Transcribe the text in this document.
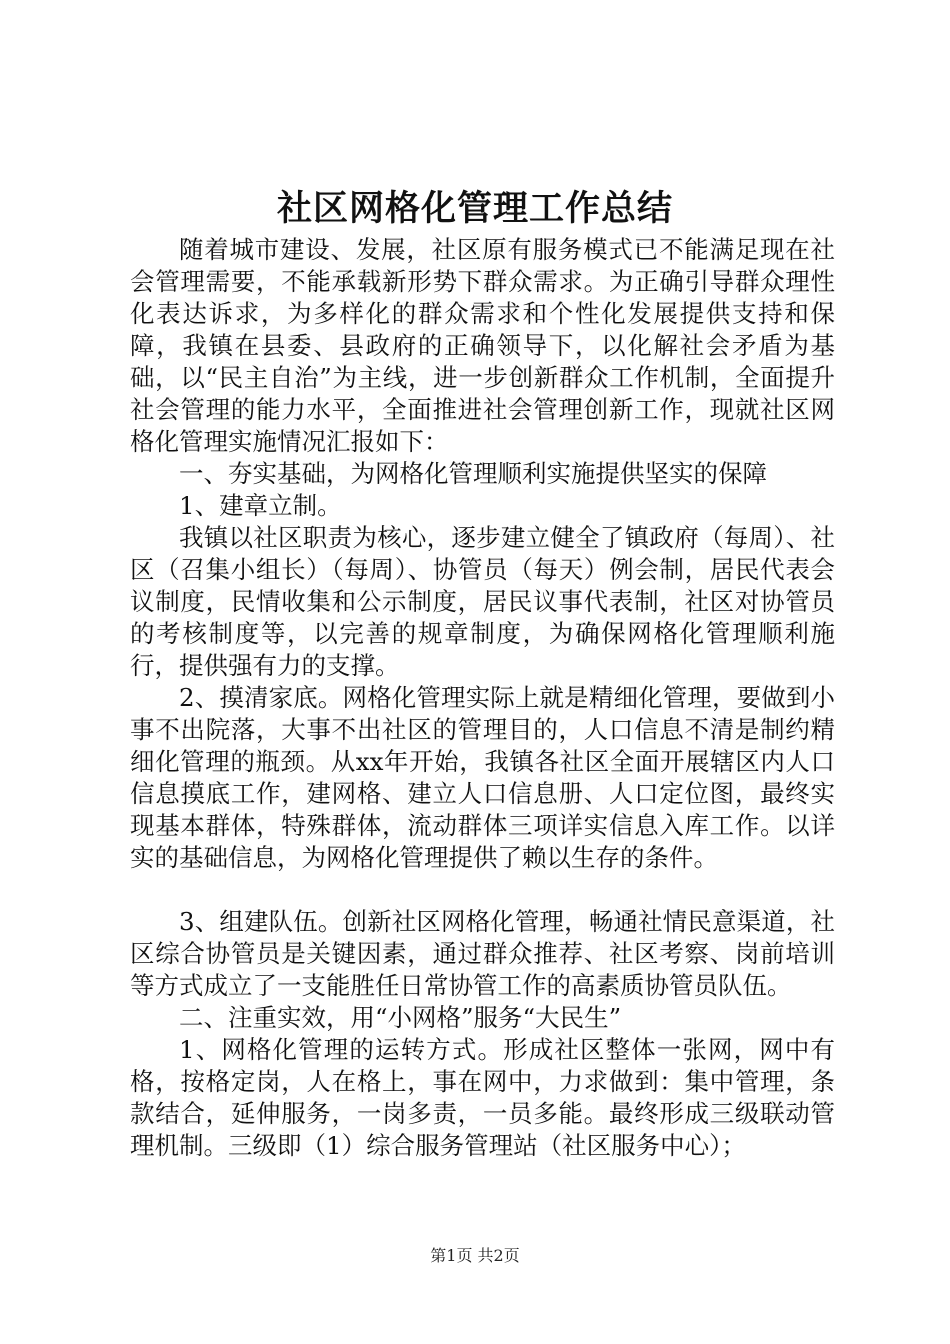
社区网格化管理工作总结

随着城市建设、发展，社区原有服务模式已不能满足现在社会管理需要，不能承载新形势下群众需求。为正确引导群众理性化表达诉求，为多样化的群众需求和个性化发展提供支持和保障，我镇在县委、县政府的正确领导下，以化解社会矛盾为基础，以“民主自治”为主线，进一步创新群众工作机制，全面提升社会管理的能力水平，全面推进社会管理创新工作，现就社区网格化管理实施情况汇报如下：

一、夯实基础，为网格化管理顺利实施提供坚实的保障

1、建章立制。

我镇以社区职责为核心，逐步建立健全了镇政府（每周）、社区（召集小组长）（每周）、协管员（每天）例会制，居民代表会议制度，民情收集和公示制度，居民议事代表制，社区对协管员的考核制度等，以完善的规章制度，为确保网格化管理顺利施行，提供强有力的支撑。

2、摸清家底。网格化管理实际上就是精细化管理，要做到小事不出院落，大事不出社区的管理目的，人口信息不清是制约精细化管理的瓶颈。从xx年开始，我镇各社区全面开展辖区内人口信息摸底工作，建网格、建立人口信息册、人口定位图，最终实现基本群体，特殊群体，流动群体三项详实信息入库工作。以详实的基础信息，为网格化管理提供了赖以生存的条件。

3、组建队伍。创新社区网格化管理，畅通社情民意渠道，社区综合协管员是关键因素，通过群众推荐、社区考察、岗前培训等方式成立了一支能胜任日常协管工作的高素质协管员队伍。

二、注重实效，用“小网格”服务“大民生”

1、网格化管理的运转方式。形成社区整体一张网，网中有格，按格定岗，人在格上，事在网中，力求做到：集中管理，条款结合，延伸服务，一岗多责，一员多能。最终形成三级联动管理机制。三级即（1）综合服务管理站（社区服务中心）；

第1页 共2页
